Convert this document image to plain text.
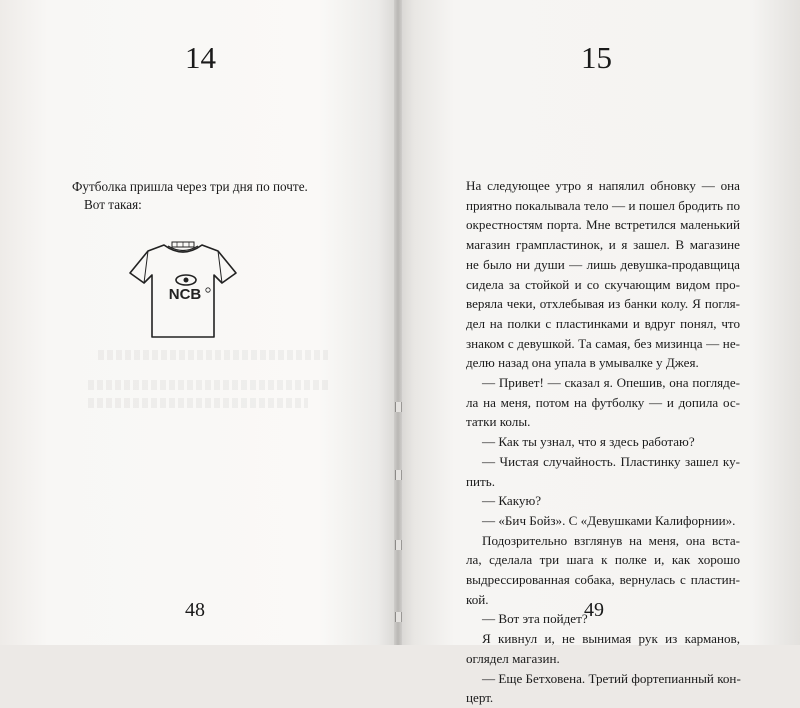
14

Футболка пришла через три дня по почте.

Вот такая:

NCB
48
15
49
На следующее утро я напялил обновку — она
приятно покалывала тело — и пошел бродить по
окрестностям порта. Мне встретился маленький
магазин грампластинок, и я зашел. В магазине
не было ни души — лишь девушка-продавщица
сидела за стойкой и со скучающим видом про-
веряла чеки, отхлебывая из банки колу. Я погля-
дел на полки с пластинками и вдруг понял, что
знаком с девушкой. Та самая, без мизинца — не-
делю назад она упала в умывалке у Джея.
— Привет! — сказал я. Опешив, она погляде-
ла на меня, потом на футболку — и допила ос-
татки колы.
— Как ты узнал, что я здесь работаю?
— Чистая случайность. Пластинку зашел ку-
пить.
— Какую?
— «Бич Бойз». С «Девушками Калифорнии».
Подозрительно взглянув на меня, она вста-
ла, сделала три шага к полке и, как хорошо
выдрессированная собака, вернулась с пластин-
кой.
— Вот эта пойдет?
Я кивнул и, не вынимая рук из карманов,
оглядел магазин.
— Еще Бетховена. Третий фортепианный кон-
церт.
